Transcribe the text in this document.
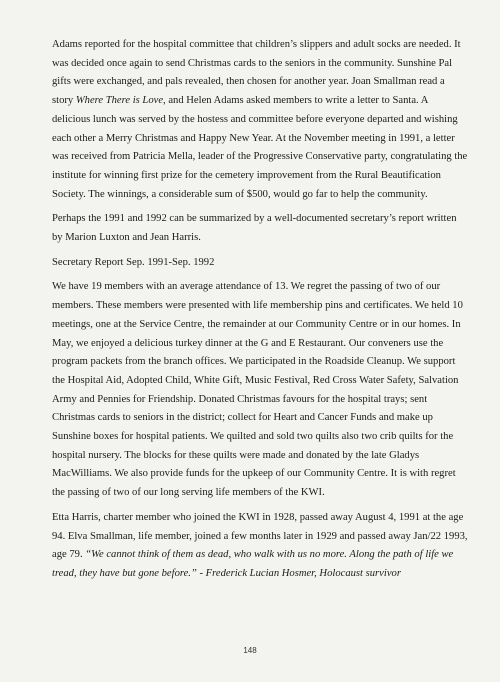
Adams reported for the hospital committee that children’s slippers and adult socks are needed. It was decided once again to send Christmas cards to the seniors in the community. Sunshine Pal gifts were exchanged, and pals revealed, then chosen for another year. Joan Smallman read a story Where There is Love, and Helen Adams asked members to write a letter to Santa. A delicious lunch was served by the hostess and committee before everyone departed and wishing each other a Merry Christmas and Happy New Year. At the November meeting in 1991, a letter was received from Patricia Mella, leader of the Progressive Conservative party, congratulating the institute for winning first prize for the cemetery improvement from the Rural Beautification Society. The winnings, a considerable sum of $500, would go far to help the community.

Perhaps the 1991 and 1992 can be summarized by a well-documented secretary’s report written by Marion Luxton and Jean Harris.

Secretary Report Sep. 1991-Sep. 1992

We have 19 members with an average attendance of 13. We regret the passing of two of our members. These members were presented with life membership pins and certificates. We held 10 meetings, one at the Service Centre, the remainder at our Community Centre or in our homes. In May, we enjoyed a delicious turkey dinner at the G and E Restaurant. Our conveners use the program packets from the branch offices. We participated in the Roadside Cleanup. We support the Hospital Aid, Adopted Child, White Gift, Music Festival, Red Cross Water Safety, Salvation Army and Pennies for Friendship. Donated Christmas favours for the hospital trays; sent Christmas cards to seniors in the district; collect for Heart and Cancer Funds and make up Sunshine boxes for hospital patients. We quilted and sold two quilts also two crib quilts for the hospital nursery. The blocks for these quilts were made and donated by the late Gladys MacWilliams. We also provide funds for the upkeep of our Community Centre. It is with regret the passing of two of our long serving life members of the KWI.

Etta Harris, charter member who joined the KWI in 1928, passed away August 4, 1991 at the age 94. Elva Smallman, life member, joined a few months later in 1929 and passed away Jan/22 1993, age 79. “We cannot think of them as dead, who walk with us no more. Along the path of life we tread, they have but gone before.” - Frederick Lucian Hosmer, Holocaust survivor

148
